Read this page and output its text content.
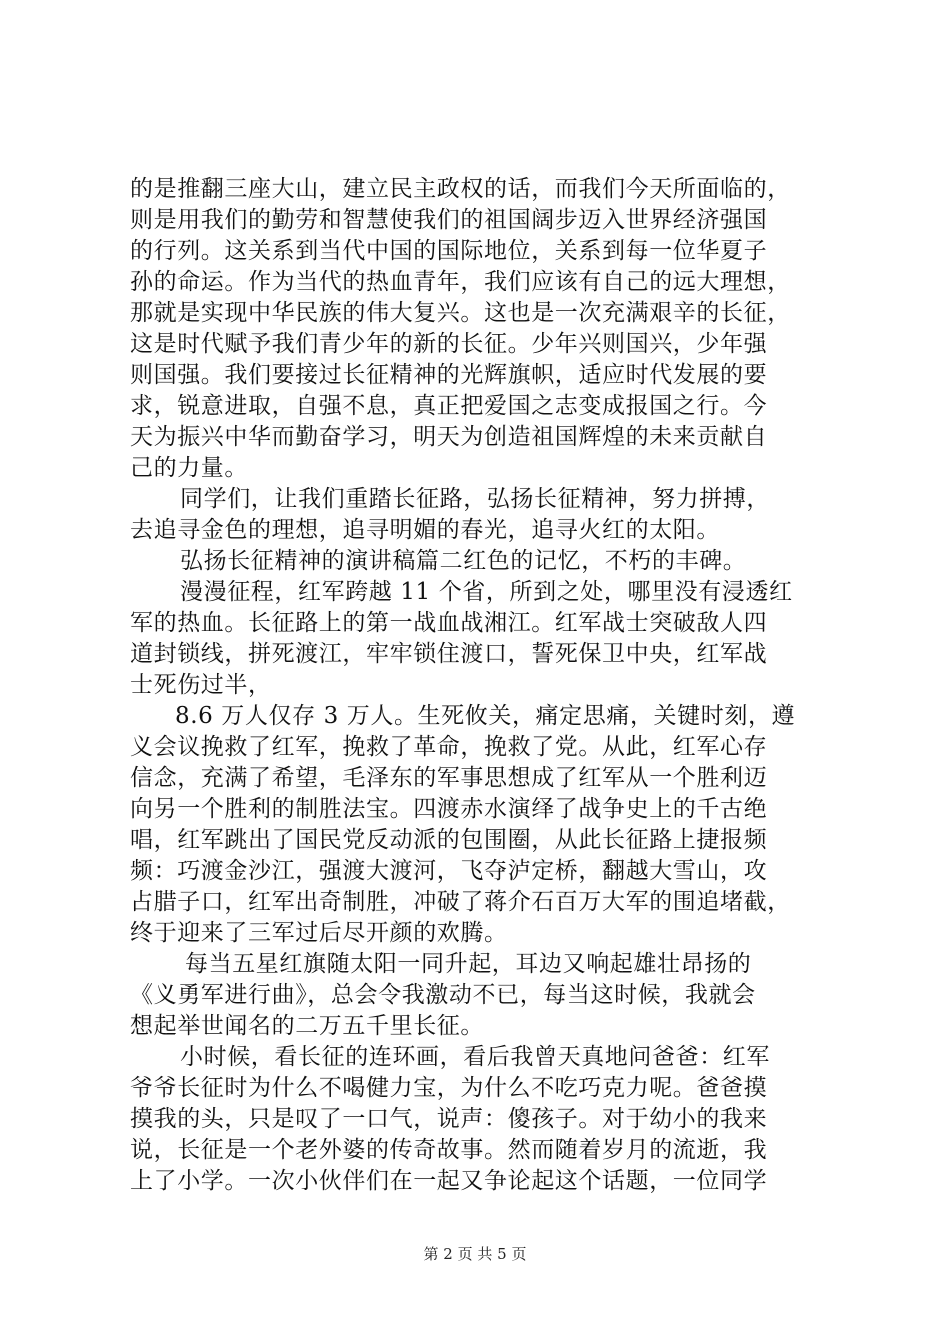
的是推翻三座大山，建立民主政权的话，而我们今天所面临的，
则是用我们的勤劳和智慧使我们的祖国阔步迈入世界经济强国
的行列。这关系到当代中国的国际地位，关系到每一位华夏子
孙的命运。作为当代的热血青年，我们应该有自己的远大理想，
那就是实现中华民族的伟大复兴。这也是一次充满艰辛的长征，
这是时代赋予我们青少年的新的长征。少年兴则国兴，少年强
则国强。我们要接过长征精神的光辉旗帜，适应时代发展的要
求，锐意进取，自强不息，真正把爱国之志变成报国之行。今
天为振兴中华而勤奋学习，明天为创造祖国辉煌的未来贡献自
己的力量。
同学们，让我们重踏长征路，弘扬长征精神，努力拼搏，
去追寻金色的理想，追寻明媚的春光，追寻火红的太阳。
弘扬长征精神的演讲稿篇二红色的记忆，不朽的丰碑。
漫漫征程，红军跨越 11 个省，所到之处，哪里没有浸透红
军的热血。长征路上的第一战血战湘江。红军战士突破敌人四
道封锁线，拼死渡江，牢牢锁住渡口，誓死保卫中央，红军战
士死伤过半，
8.6 万人仅存 3 万人。生死攸关，痛定思痛，关键时刻，遵
义会议挽救了红军，挽救了革命，挽救了党。从此，红军心存
信念，充满了希望，毛泽东的军事思想成了红军从一个胜利迈
向另一个胜利的制胜法宝。四渡赤水演绎了战争史上的千古绝
唱，红军跳出了国民党反动派的包围圈，从此长征路上捷报频
频：巧渡金沙江，强渡大渡河，飞夺泸定桥，翻越大雪山，攻
占腊子口，红军出奇制胜，冲破了蒋介石百万大军的围追堵截，
终于迎来了三军过后尽开颜的欢腾。
每当五星红旗随太阳一同升起，耳边又响起雄壮昂扬的
《义勇军进行曲》，总会令我激动不已，每当这时候，我就会
想起举世闻名的二万五千里长征。
小时候，看长征的连环画，看后我曾天真地问爸爸：红军
爷爷长征时为什么不喝健力宝，为什么不吃巧克力呢。爸爸摸
摸我的头，只是叹了一口气，说声：傻孩子。对于幼小的我来
说，长征是一个老外婆的传奇故事。然而随着岁月的流逝，我
上了小学。一次小伙伴们在一起又争论起这个话题，一位同学
第 2 页 共 5 页
